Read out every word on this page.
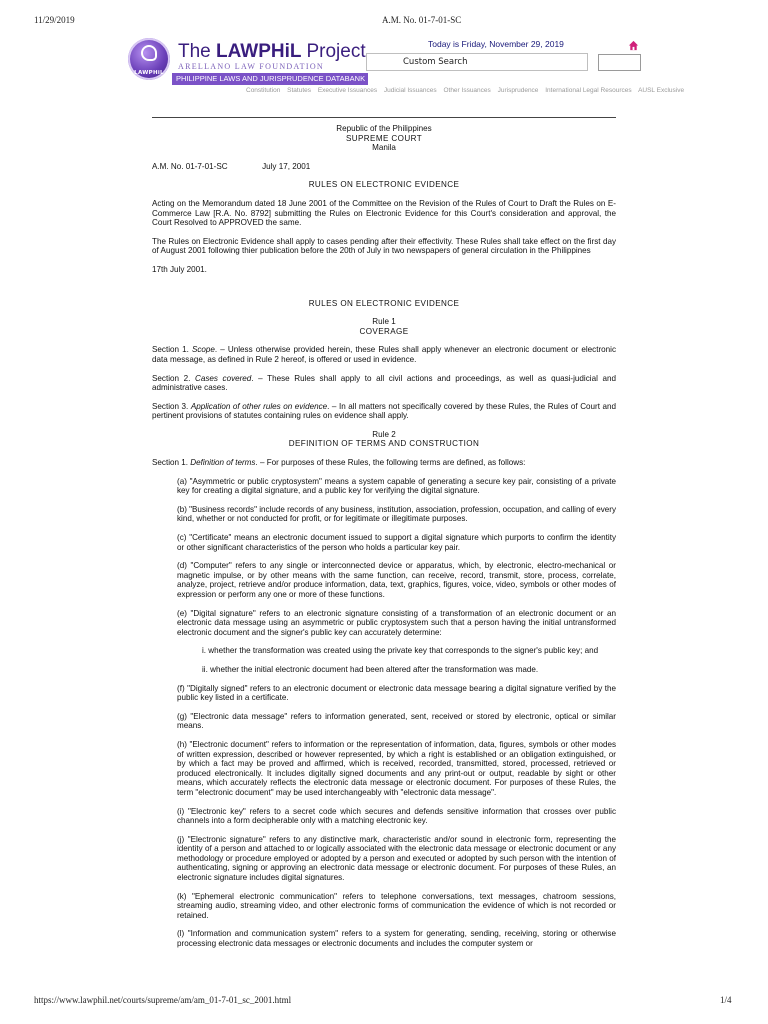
11/29/2019	A.M. No. 01-7-01-SC
LAWPHiL
The LAWPHiL Project
ARELLANO LAW FOUNDATION
PHILIPPINE LAWS AND JURISPRUDENCE DATABANK
Today is Friday, November 29, 2019
Custom Search
Constitution Statutes Executive Issuances Judicial Issuances Other Issuances Jurisprudence International Legal Resources AUSL Exclusive
Republic of the Philippines
SUPREME COURT
Manila
A.M. No. 01-7-01-SC	July 17, 2001
RULES ON ELECTRONIC EVIDENCE

Acting on the Memorandum dated 18 June 2001 of the Committee on the Revision of the Rules of Court to Draft the Rules on E-Commerce Law [R.A. No. 8792] submitting the Rules on Electronic Evidence for this Court's consideration and approval, the Court Resolved to APPROVED the same.

The Rules on Electronic Evidence shall apply to cases pending after their effectivity. These Rules shall take effect on the first day of August 2001 following thier publication before the 20th of July in two newspapers of general circulation in the Philippines

17th July 2001.

RULES ON ELECTRONIC EVIDENCE
Rule 1
COVERAGE

Section 1. Scope. – Unless otherwise provided herein, these Rules shall apply whenever an electronic document or electronic data message, as defined in Rule 2 hereof, is offered or used in evidence.

Section 2. Cases covered. – These Rules shall apply to all civil actions and proceedings, as well as quasi-judicial and administrative cases.

Section 3. Application of other rules on evidence. – In all matters not specifically covered by these Rules, the Rules of Court and pertinent provisions of statutes containing rules on evidence shall apply.

Rule 2
DEFINITION OF TERMS AND CONSTRUCTION

Section 1. Definition of terms. – For purposes of these Rules, the following terms are defined, as follows:

(a) "Asymmetric or public cryptosystem" means a system capable of generating a secure key pair, consisting of a private key for creating a digital signature, and a public key for verifying the digital signature.

(b) "Business records" include records of any business, institution, association, profession, occupation, and calling of every kind, whether or not conducted for profit, or for legitimate or illegitimate purposes.

(c) "Certificate" means an electronic document issued to support a digital signature which purports to confirm the identity or other significant characteristics of the person who holds a particular key pair.

(d) "Computer" refers to any single or interconnected device or apparatus, which, by electronic, electro-mechanical or magnetic impulse, or by other means with the same function, can receive, record, transmit, store, process, correlate, analyze, project, retrieve and/or produce information, data, text, graphics, figures, voice, video, symbols or other modes of expression or perform any one or more of these functions.

(e) "Digital signature" refers to an electronic signature consisting of a transformation of an electronic document or an electronic data message using an asymmetric or public cryptosystem such that a person having the initial untransformed electronic document and the signer's public key can accurately determine:

i. whether the transformation was created using the private key that corresponds to the signer's public key; and

ii. whether the initial electronic document had been altered after the transformation was made.

(f) "Digitally signed" refers to an electronic document or electronic data message bearing a digital signature verified by the public key listed in a certificate.

(g) "Electronic data message" refers to information generated, sent, received or stored by electronic, optical or similar means.

(h) "Electronic document" refers to information or the representation of information, data, figures, symbols or other modes of written expression, described or however represented, by which a right is established or an obligation extinguished, or by which a fact may be proved and affirmed, which is received, recorded, transmitted, stored, processed, retrieved or produced electronically. It includes digitally signed documents and any print-out or output, readable by sight or other means, which accurately reflects the electronic data message or electronic document. For purposes of these Rules, the term "electronic document" may be used interchangeably with "electronic data message".

(i) "Electronic key" refers to a secret code which secures and defends sensitive information that crosses over public channels into a form decipherable only with a matching electronic key.

(j) "Electronic signature" refers to any distinctive mark, characteristic and/or sound in electronic form, representing the identity of a person and attached to or logically associated with the electronic data message or electronic document or any methodology or procedure employed or adopted by a person and executed or adopted by such person with the intention of authenticating, signing or approving an electronic data message or electronic document. For purposes of these Rules, an electronic signature includes digital signatures.

(k) "Ephemeral electronic communication" refers to telephone conversations, text messages, chatroom sessions, streaming audio, streaming video, and other electronic forms of communication the evidence of which is not recorded or retained.

(l) "Information and communication system" refers to a system for generating, sending, receiving, storing or otherwise processing electronic data messages or electronic documents and includes the computer system or

https://www.lawphil.net/courts/supreme/am/am_01-7-01_sc_2001.html	1/4
